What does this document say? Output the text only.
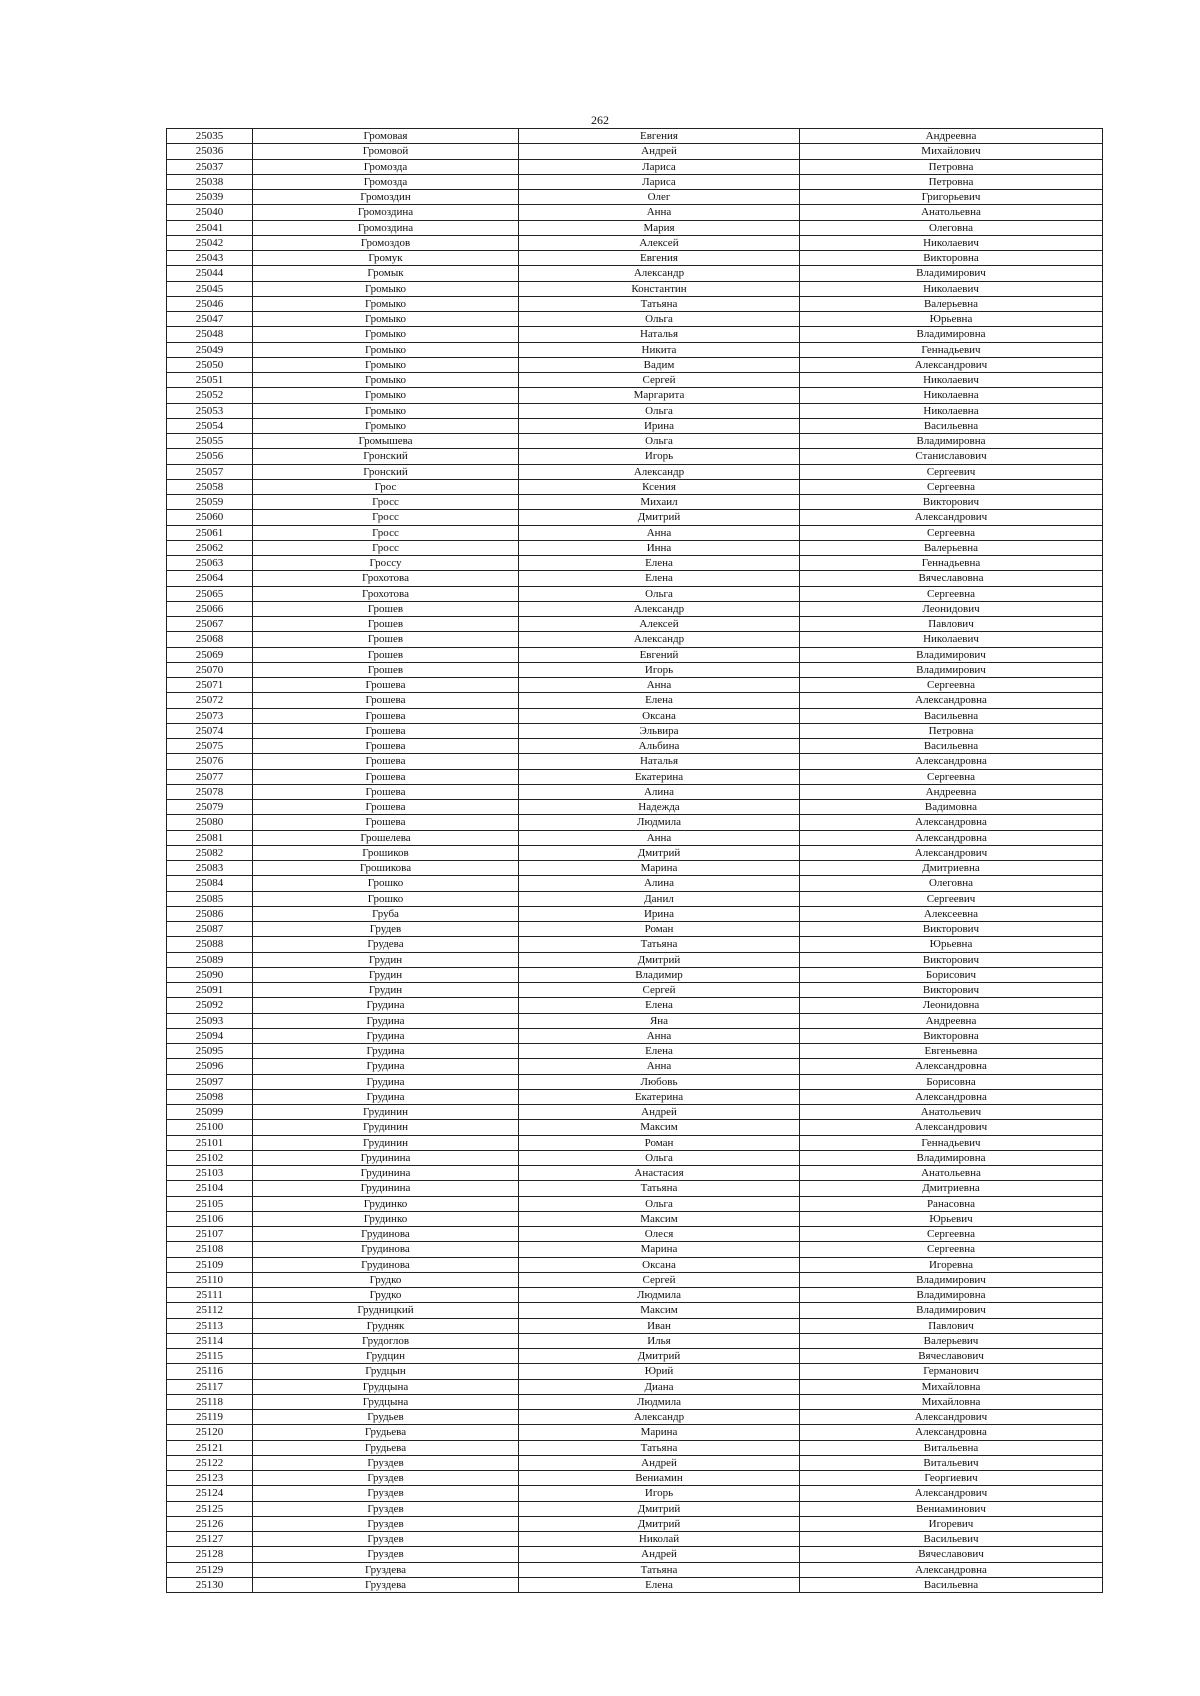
262
25035	Громовая	Евгения	Андреевна
25036	Громовой	Андрей	Михайлович
25037	Громозда	Лариса	Петровна
25038	Громозда	Лариса	Петровна
25039	Громоздин	Олег	Григорьевич
25040	Громоздина	Анна	Анатольевна
25041	Громоздина	Мария	Олеговна
25042	Громоздов	Алексей	Николаевич
25043	Громук	Евгения	Викторовна
25044	Громык	Александр	Владимирович
25045	Громыко	Константин	Николаевич
25046	Громыко	Татьяна	Валерьевна
25047	Громыко	Ольга	Юрьевна
25048	Громыко	Наталья	Владимировна
25049	Громыко	Никита	Геннадьевич
25050	Громыко	Вадим	Александрович
25051	Громыко	Сергей	Николаевич
25052	Громыко	Маргарита	Николаевна
25053	Громыко	Ольга	Николаевна
25054	Громыко	Ирина	Васильевна
25055	Громышева	Ольга	Владимировна
25056	Гронский	Игорь	Станиславович
25057	Гронский	Александр	Сергеевич
25058	Грос	Ксения	Сергеевна
25059	Гросс	Михаил	Викторович
25060	Гросс	Дмитрий	Александрович
25061	Гросс	Анна	Сергеевна
25062	Гросс	Инна	Валерьевна
25063	Гроссу	Елена	Геннадьевна
25064	Грохотова	Елена	Вячеславовна
25065	Грохотова	Ольга	Сергеевна
25066	Грошев	Александр	Леонидович
25067	Грошев	Алексей	Павлович
25068	Грошев	Александр	Николаевич
25069	Грошев	Евгений	Владимирович
25070	Грошев	Игорь	Владимирович
25071	Грошева	Анна	Сергеевна
25072	Грошева	Елена	Александровна
25073	Грошева	Оксана	Васильевна
25074	Грошева	Эльвира	Петровна
25075	Грошева	Альбина	Васильевна
25076	Грошева	Наталья	Александровна
25077	Грошева	Екатерина	Сергеевна
25078	Грошева	Алина	Андреевна
25079	Грошева	Надежда	Вадимовна
25080	Грошева	Людмила	Александровна
25081	Грошелева	Анна	Александровна
25082	Грошиков	Дмитрий	Александрович
25083	Грошикова	Марина	Дмитриевна
25084	Грошко	Алина	Олеговна
25085	Грошко	Данил	Сергеевич
25086	Груба	Ирина	Алексеевна
25087	Грудев	Роман	Викторович
25088	Грудева	Татьяна	Юрьевна
25089	Грудин	Дмитрий	Викторович
25090	Грудин	Владимир	Борисович
25091	Грудин	Сергей	Викторович
25092	Грудина	Елена	Леонидовна
25093	Грудина	Яна	Андреевна
25094	Грудина	Анна	Викторовна
25095	Грудина	Елена	Евгеньевна
25096	Грудина	Анна	Александровна
25097	Грудина	Любовь	Борисовна
25098	Грудина	Екатерина	Александровна
25099	Грудинин	Андрей	Анатольевич
25100	Грудинин	Максим	Александрович
25101	Грудинин	Роман	Геннадьевич
25102	Грудинина	Ольга	Владимировна
25103	Грудинина	Анастасия	Анатольевна
25104	Грудинина	Татьяна	Дмитриевна
25105	Грудинко	Ольга	Ранасовна
25106	Грудинко	Максим	Юрьевич
25107	Грудинова	Олеся	Сергеевна
25108	Грудинова	Марина	Сергеевна
25109	Грудинова	Оксана	Игоревна
25110	Грудко	Сергей	Владимирович
25111	Грудко	Людмила	Владимировна
25112	Грудницкий	Максим	Владимирович
25113	Грудняк	Иван	Павлович
25114	Грудоглов	Илья	Валерьевич
25115	Грудцин	Дмитрий	Вячеславович
25116	Грудцын	Юрий	Германович
25117	Грудцына	Диана	Михайловна
25118	Грудцына	Людмила	Михайловна
25119	Грудьев	Александр	Александрович
25120	Грудьева	Марина	Александровна
25121	Грудьева	Татьяна	Витальевна
25122	Груздев	Андрей	Витальевич
25123	Груздев	Вениамин	Георгиевич
25124	Груздев	Игорь	Александрович
25125	Груздев	Дмитрий	Вениаминович
25126	Груздев	Дмитрий	Игоревич
25127	Груздев	Николай	Васильевич
25128	Груздев	Андрей	Вячеславович
25129	Груздева	Татьяна	Александровна
25130	Груздева	Елена	Васильевна
